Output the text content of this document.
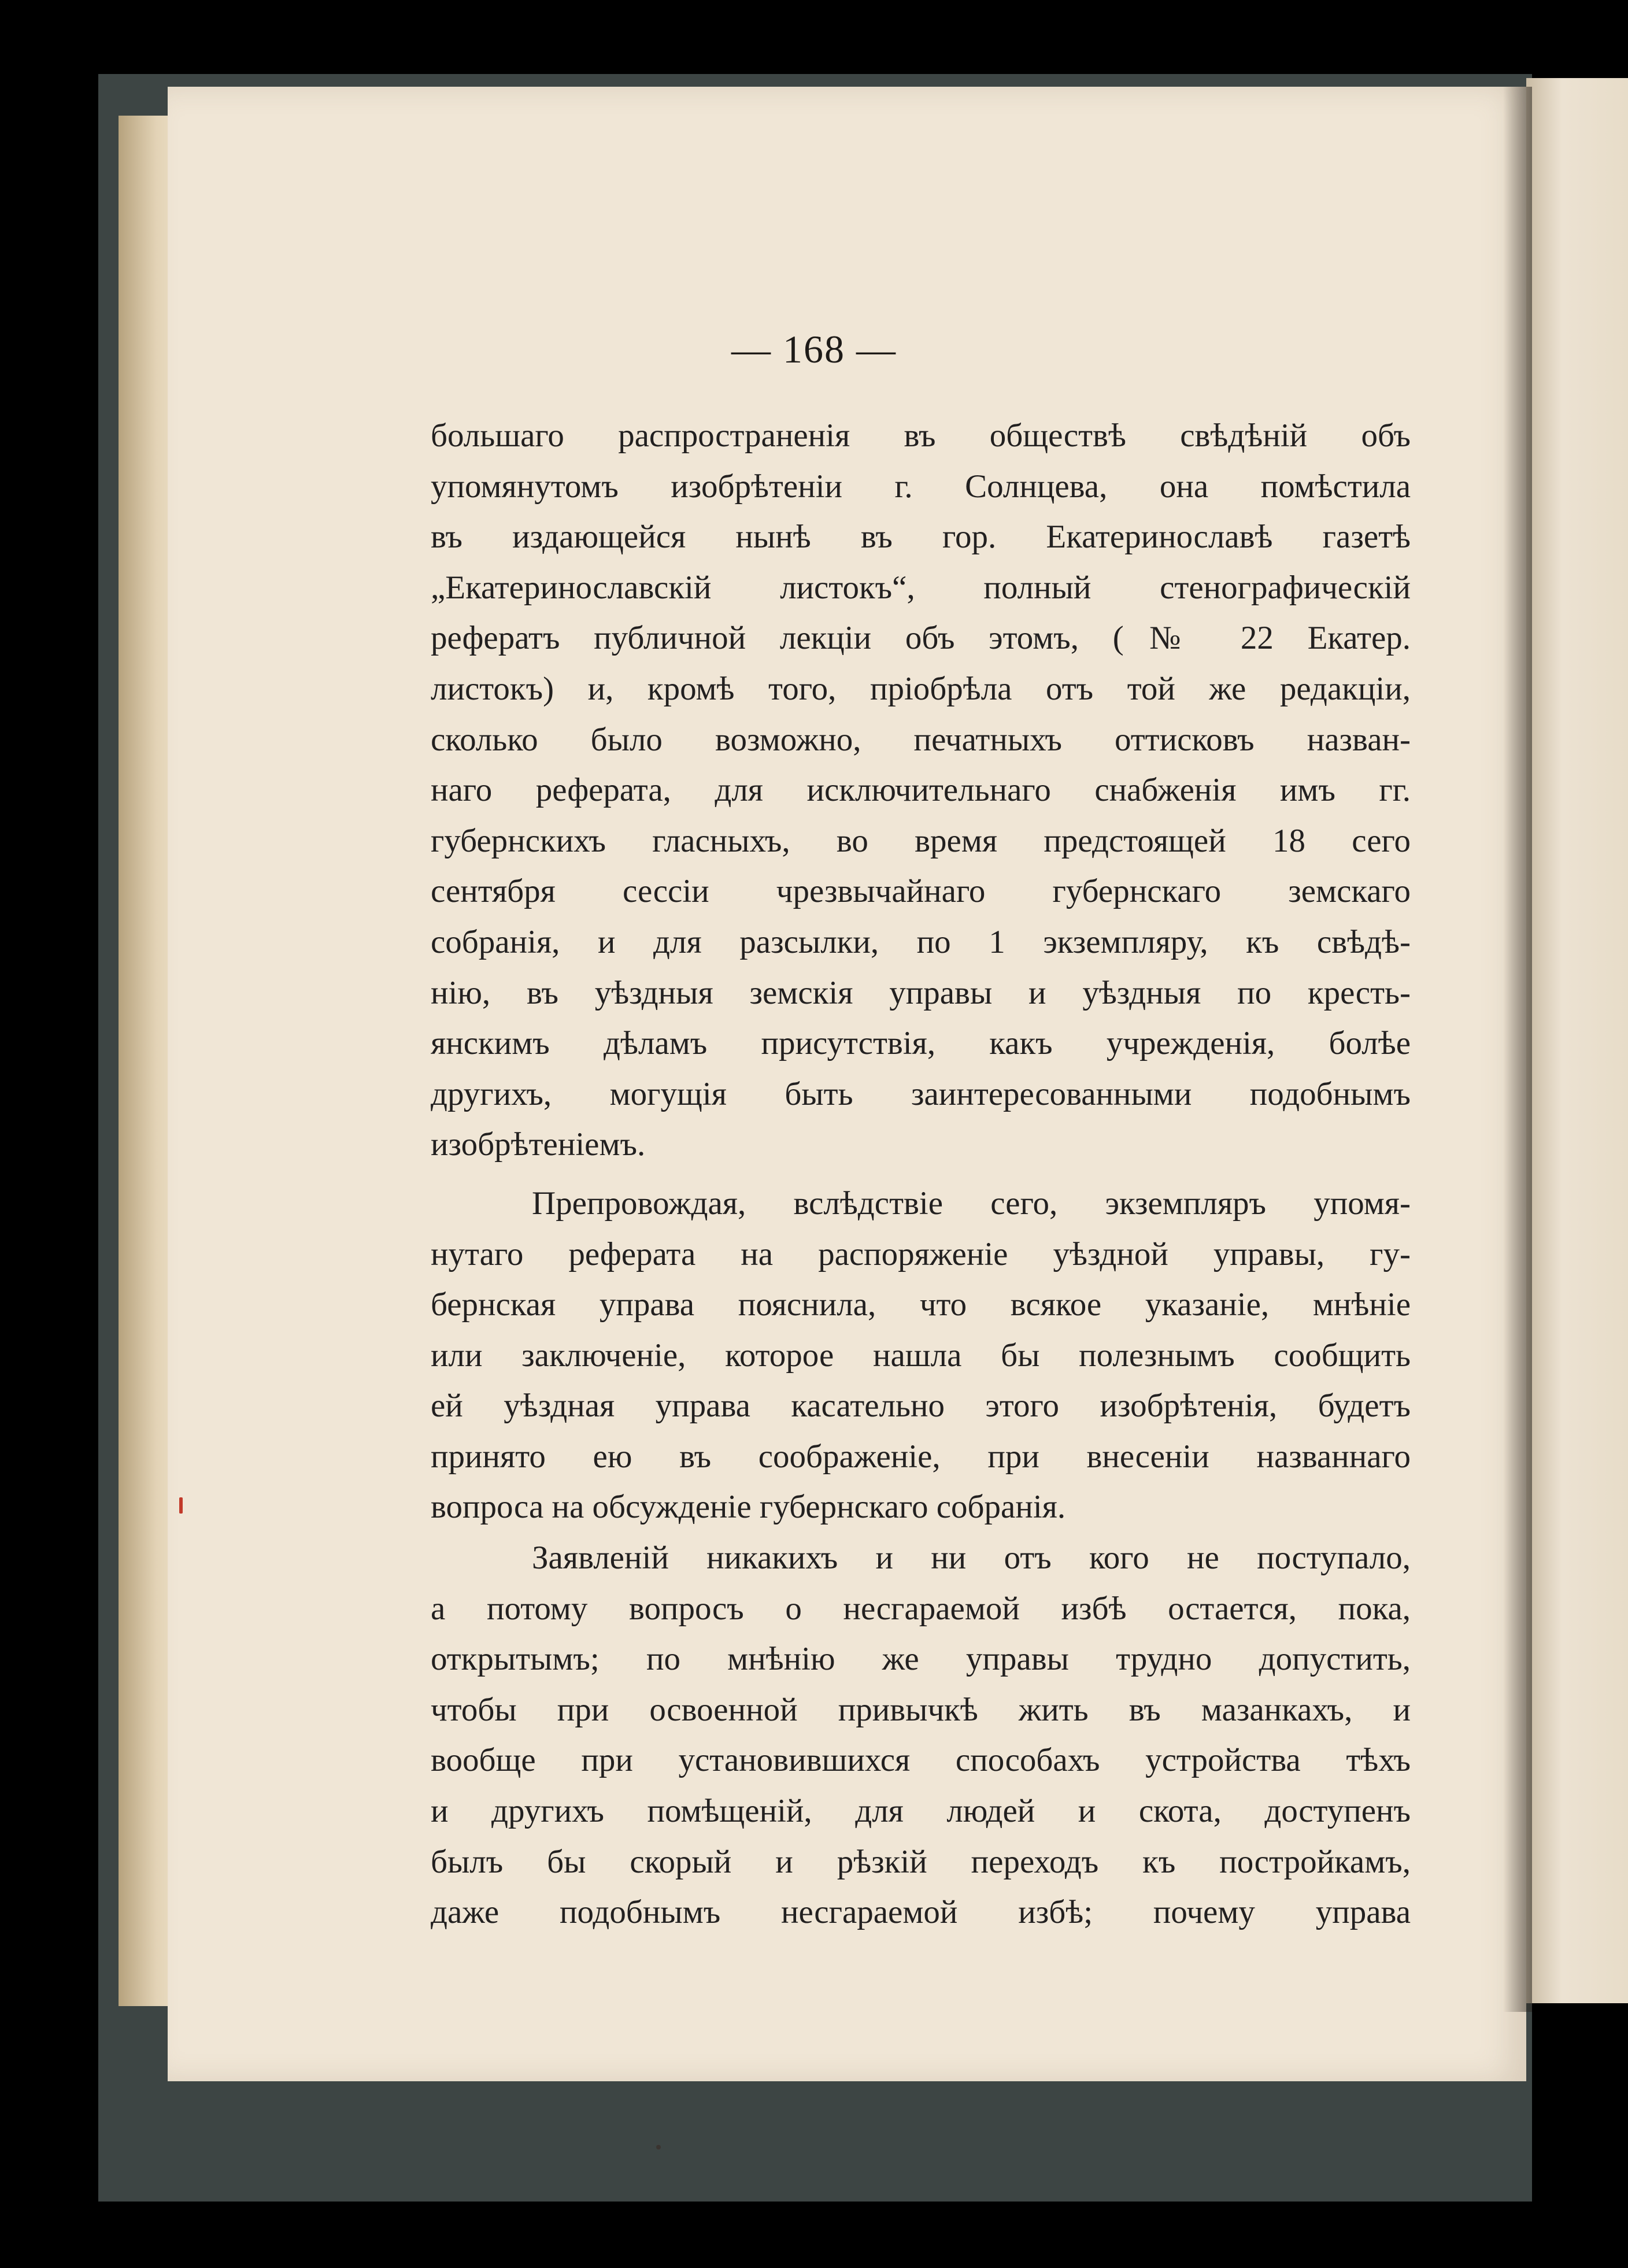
— 168 —
большаго распространенія въ обществѣ свѣдѣній объ
упомянутомъ изобрѣтеніи г. Солнцева, она помѣстила
въ издающейся нынѣ въ гор. Екатеринославѣ газетѣ
„Екатеринославскій листокъ“, полный стенографическій
рефератъ публичной лекціи объ этомъ, (№ 22 Екатер.
листокъ) и, кромѣ того, пріобрѣла отъ той же редакціи,
сколько было возможно, печатныхъ оттисковъ назван-
наго реферата, для исключительнаго снабженія имъ гг.
губернскихъ гласныхъ, во время предстоящей 18 сего
сентября сессіи чрезвычайнаго губернскаго земскаго
собранія, и для разсылки, по 1 экземпляру, къ свѣдѣ-
нію, въ уѣздныя земскія управы и уѣздныя по кресть-
янскимъ дѣламъ присутствія, какъ учрежденія, болѣе
другихъ, могущія быть заинтересованными подобнымъ
изобрѣтеніемъ.
Препровождая, вслѣдствіе сего, экземпляръ упомя-
нутаго реферата на распоряженіе уѣздной управы, гу-
бернская управа пояснила, что всякое указаніе, мнѣніе
или заключеніе, которое нашла бы полезнымъ сообщить
ей уѣздная управа касательно этого изобрѣтенія, будетъ
принято ею въ соображеніе, при внесеніи названнаго
вопроса на обсужденіе губернскаго собранія.
Заявленій никакихъ и ни отъ кого не поступало,
а потому вопросъ о несгараемой избѣ остается, пока,
открытымъ; по мнѣнію же управы трудно допустить,
чтобы при освоенной привычкѣ жить въ мазанкахъ, и
вообще при установившихся способахъ устройства тѣхъ
и другихъ помѣщеній, для людей и скота, доступенъ
былъ бы скорый и рѣзкій переходъ къ постройкамъ,
даже подобнымъ несгараемой избѣ; почему управа
